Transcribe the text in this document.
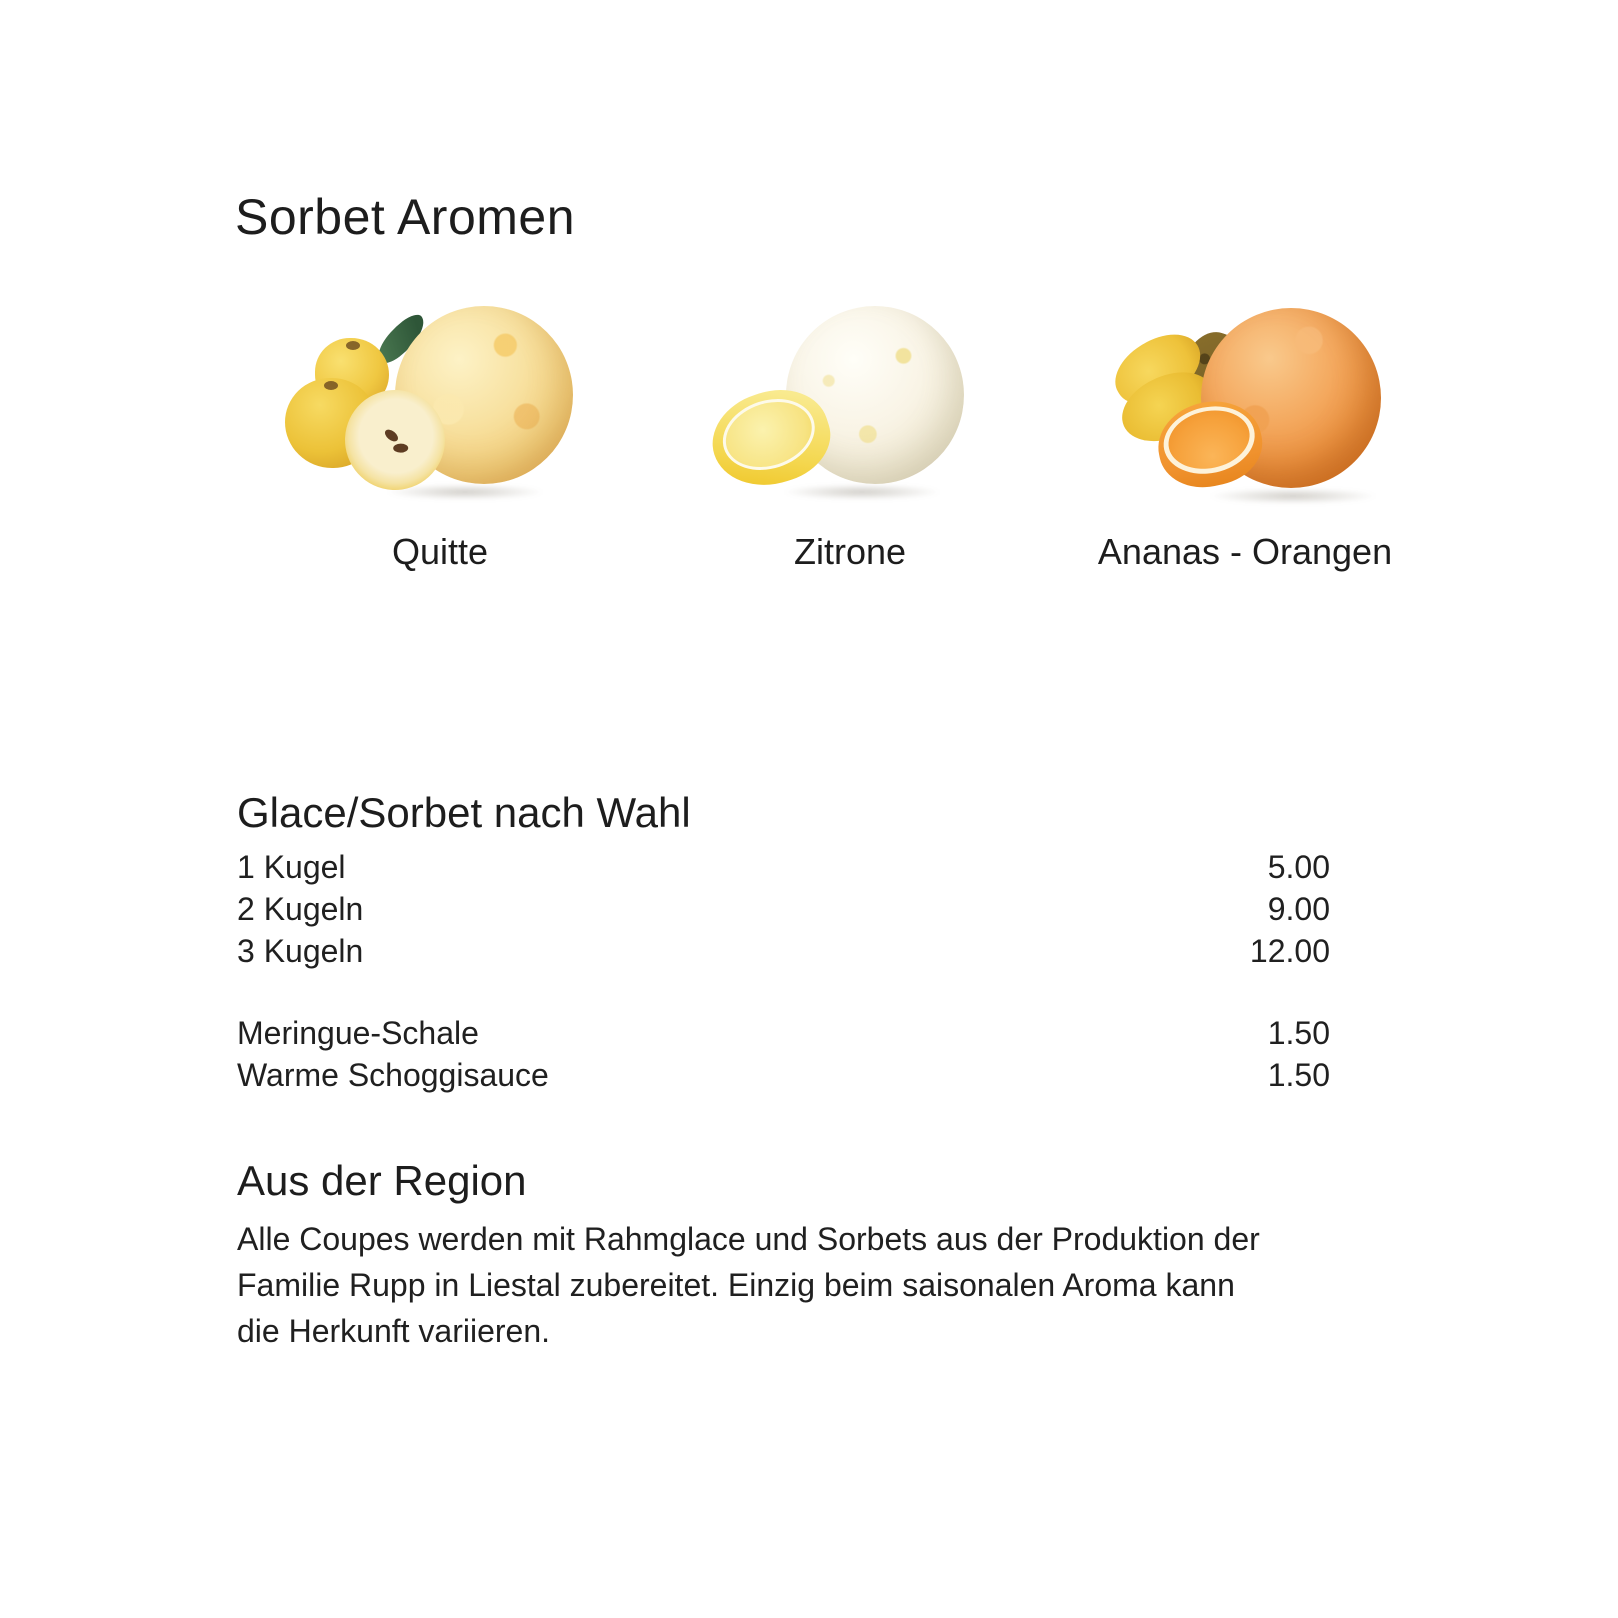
Sorbet Aromen
Quitte	Zitrone	Ananas - Orangen
Glace/Sorbet nach Wahl
1 Kugel	5.00
2 Kugeln	9.00
3 Kugeln	12.00
Meringue-Schale	1.50
Warme Schoggisauce	1.50
Aus der Region
Alle Coupes werden mit Rahmglace und Sorbets aus der Produktion der
Familie Rupp in Liestal zubereitet. Einzig beim saisonalen Aroma kann
die Herkunft variieren.
